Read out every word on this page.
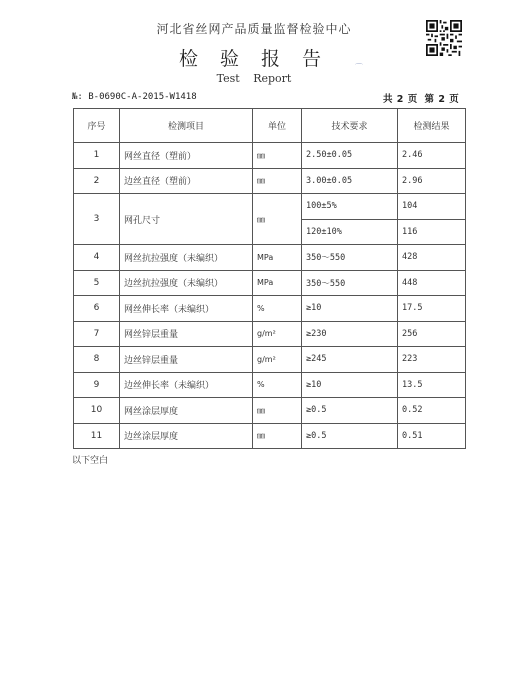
河北省丝网产品质量监督检验中心
检 验 报 告
Test Report
⌒
№: B-0690C-A-2015-W1418	共 2 页 第 2 页
序号	检测项目	单位	技术要求	检测结果
1	网丝直径（塑前）	㎜	2.50±0.05	2.46
2	边丝直径（塑前）	㎜	3.00±0.05	2.96
3	网孔尺寸	㎜	100±5%	104
			120±10%	116
4	网丝抗拉强度（未编织）	MPa	350～550	428
5	边丝抗拉强度（未编织）	MPa	350～550	448
6	网丝伸长率（未编织）	%	≥10	17.5
7	网丝锌层重量	g/m²	≥230	256
8	边丝锌层重量	g/m²	≥245	223
9	边丝伸长率（未编织）	%	≥10	13.5
10	网丝涂层厚度	㎜	≥0.5	0.52
11	边丝涂层厚度	㎜	≥0.5	0.51
以下空白
